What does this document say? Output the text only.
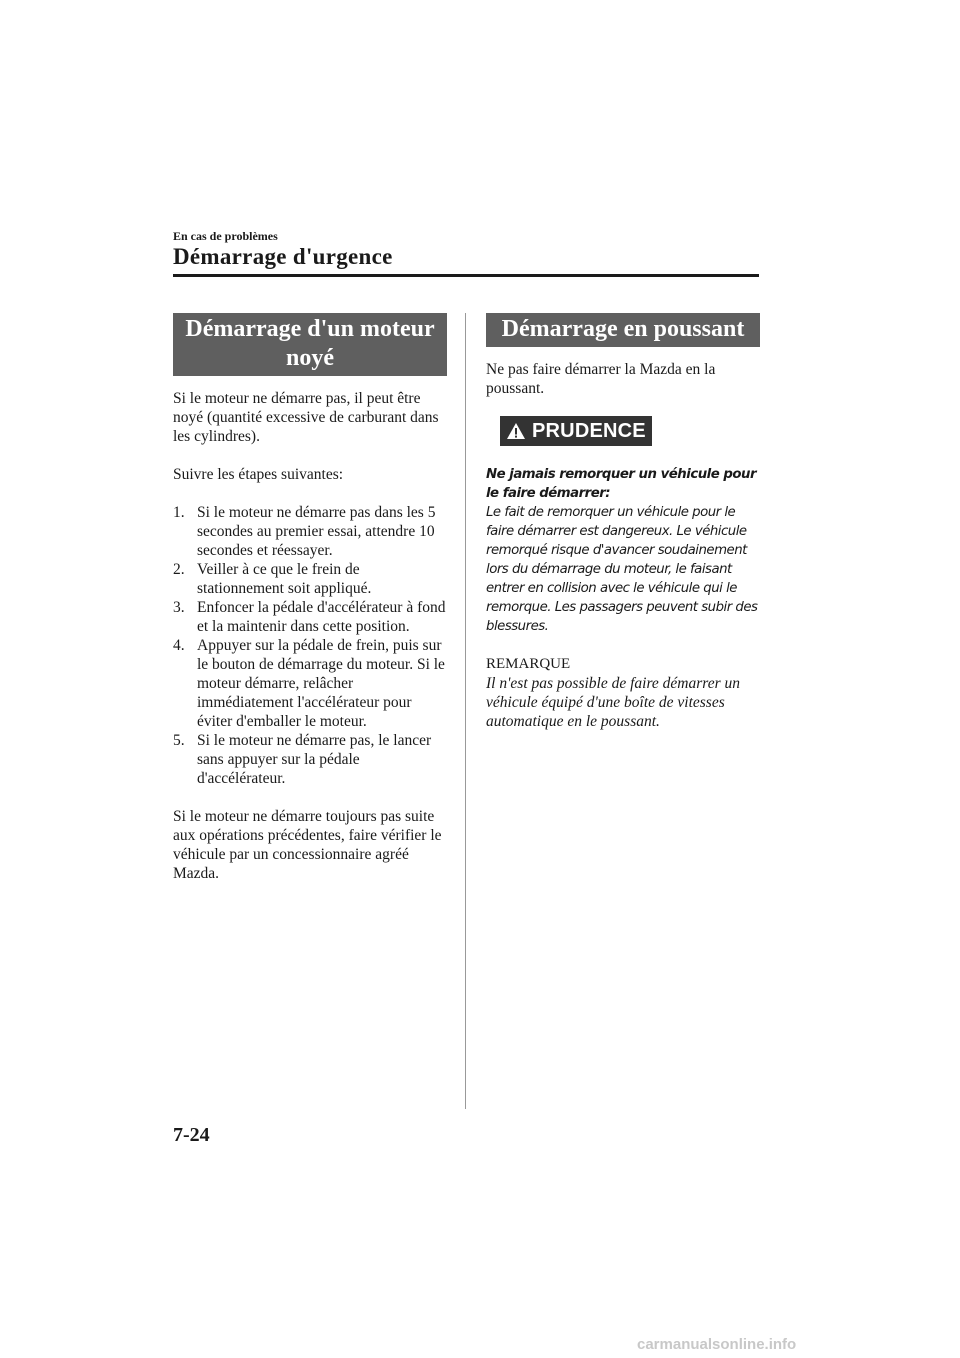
En cas de problèmes
Démarrage d'urgence
Démarrage d'un moteur noyé

Si le moteur ne démarre pas, il peut être noyé (quantité excessive de carburant dans les cylindres).

Suivre les étapes suivantes:

1. Si le moteur ne démarre pas dans les 5 secondes au premier essai, attendre 10 secondes et réessayer.
2. Veiller à ce que le frein de stationnement soit appliqué.
3. Enfoncer la pédale d'accélérateur à fond et la maintenir dans cette position.
4. Appuyer sur la pédale de frein, puis sur le bouton de démarrage du moteur. Si le moteur démarre, relâcher immédiatement l'accélérateur pour éviter d'emballer le moteur.
5. Si le moteur ne démarre pas, le lancer sans appuyer sur la pédale d'accélérateur.

Si le moteur ne démarre toujours pas suite aux opérations précédentes, faire vérifier le véhicule par un concessionnaire agréé Mazda.

Démarrage en poussant

Ne pas faire démarrer la Mazda en la poussant.

PRUDENCE
Ne jamais remorquer un véhicule pour le faire démarrer:
Le fait de remorquer un véhicule pour le faire démarrer est dangereux. Le véhicule remorqué risque d'avancer soudainement lors du démarrage du moteur, le faisant entrer en collision avec le véhicule qui le remorque. Les passagers peuvent subir des blessures.
REMARQUE
Il n'est pas possible de faire démarrer un véhicule équipé d'une boîte de vitesses automatique en le poussant.
7-24
carmanualsonline.info
